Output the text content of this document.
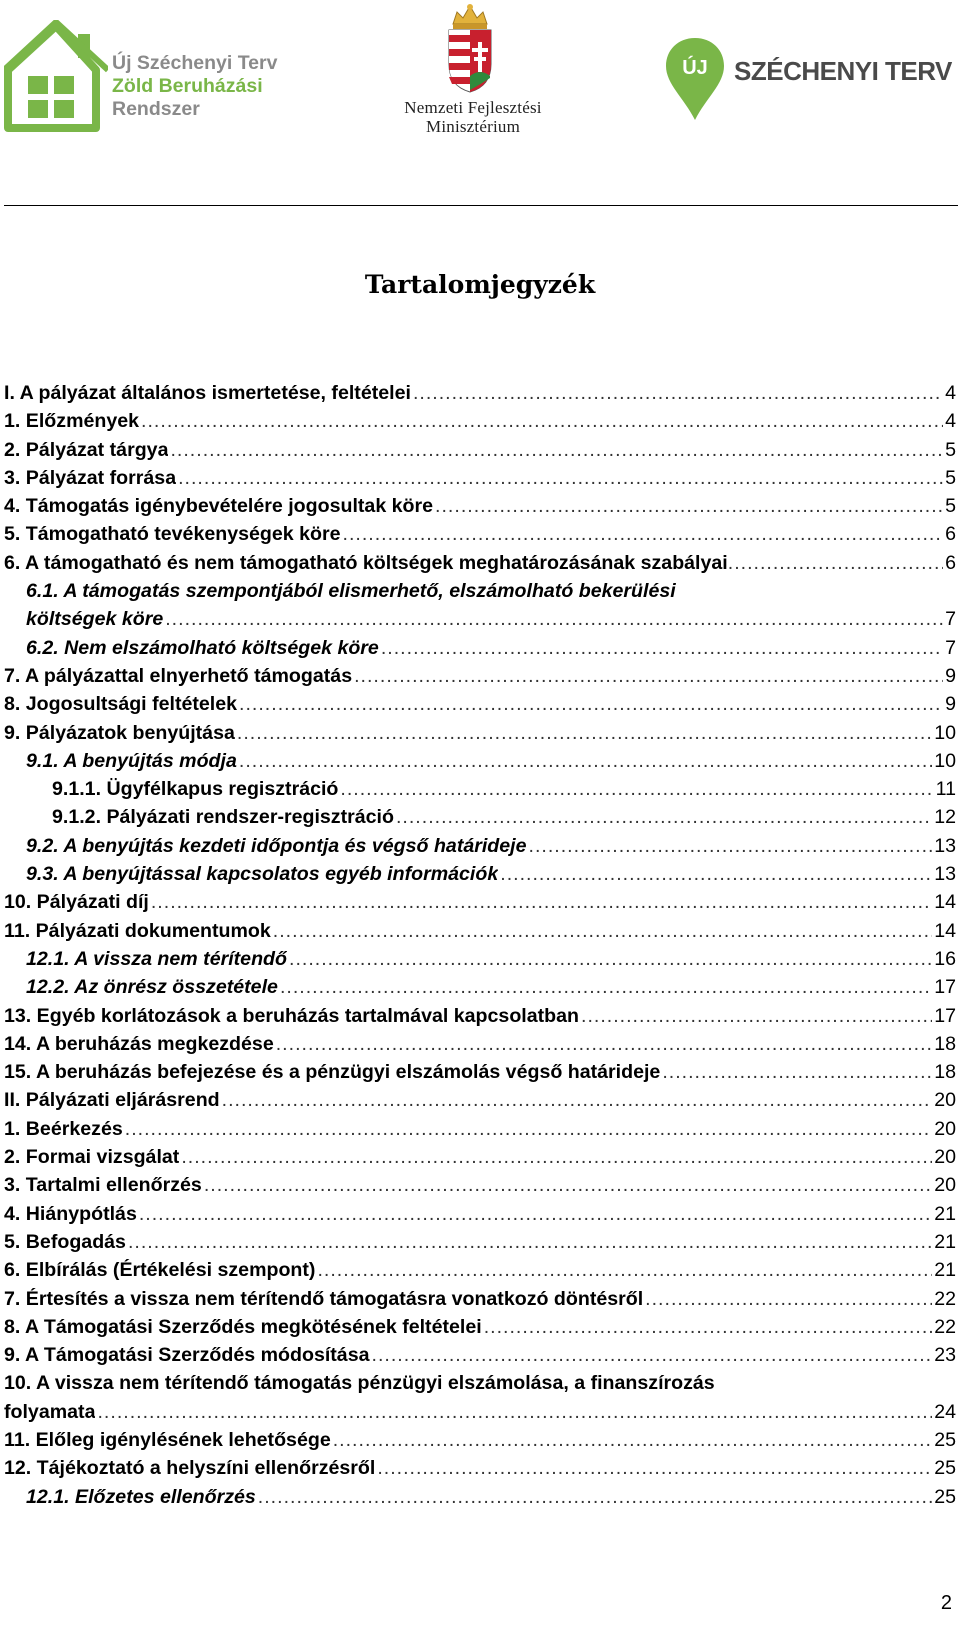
Új Széchenyi Terv
Zöld Beruházási
Rendszer	Nemzeti Fejlesztési
Minisztérium
ÚJ SZÉCHENYI TERV
Tartalomjegyzék
I. A pályázat általános ismertetése, feltételei .....	4
1. Előzmények .....	4
2. Pályázat tárgya .....	5
3. Pályázat forrása .....	5
4. Támogatás igénybevételére jogosultak köre .....	5
5. Támogatható tevékenységek köre .....	6
6. A támogatható és nem támogatható költségek meghatározásának szabályai .....	6
6.1. A támogatás szempontjából elismerhető, elszámolható bekerülési
költségek köre .....	7
6.2. Nem elszámolható költségek köre .....	7
7. A pályázattal elnyerhető támogatás .....	9
8. Jogosultsági feltételek .....	9
9. Pályázatok benyújtása .....	10
9.1. A benyújtás módja .....	10
9.1.1. Ügyfélkapus regisztráció .....	11
9.1.2. Pályázati rendszer-regisztráció .....	12
9.2. A benyújtás kezdeti időpontja és végső határideje .....	13
9.3. A benyújtással kapcsolatos egyéb információk .....	13
10. Pályázati díj .....	14
11. Pályázati dokumentumok .....	14
12.1. A vissza nem térítendő .....	16
12.2. Az önrész összetétele .....	17
13. Egyéb korlátozások a beruházás tartalmával kapcsolatban .....	17
14. A beruházás megkezdése .....	18
15. A beruházás befejezése és a pénzügyi elszámolás végső határideje .....	18
II. Pályázati eljárásrend .....	20
1. Beérkezés .....	20
2. Formai vizsgálat .....	20
3. Tartalmi ellenőrzés .....	20
4. Hiánypótlás .....	21
5. Befogadás .....	21
6. Elbírálás (Értékelési szempont) .....	21
7. Értesítés a vissza nem térítendő támogatásra vonatkozó döntésről .....	22
8. A Támogatási Szerződés megkötésének feltételei .....	22
9. A Támogatási Szerződés módosítása .....	23
10. A vissza nem térítendő támogatás pénzügyi elszámolása, a finanszírozás
folyamata .....	24
11. Előleg igénylésének lehetősége .....	25
12. Tájékoztató a helyszíni ellenőrzésről .....	25
12.1. Előzetes ellenőrzés .....	25
2
